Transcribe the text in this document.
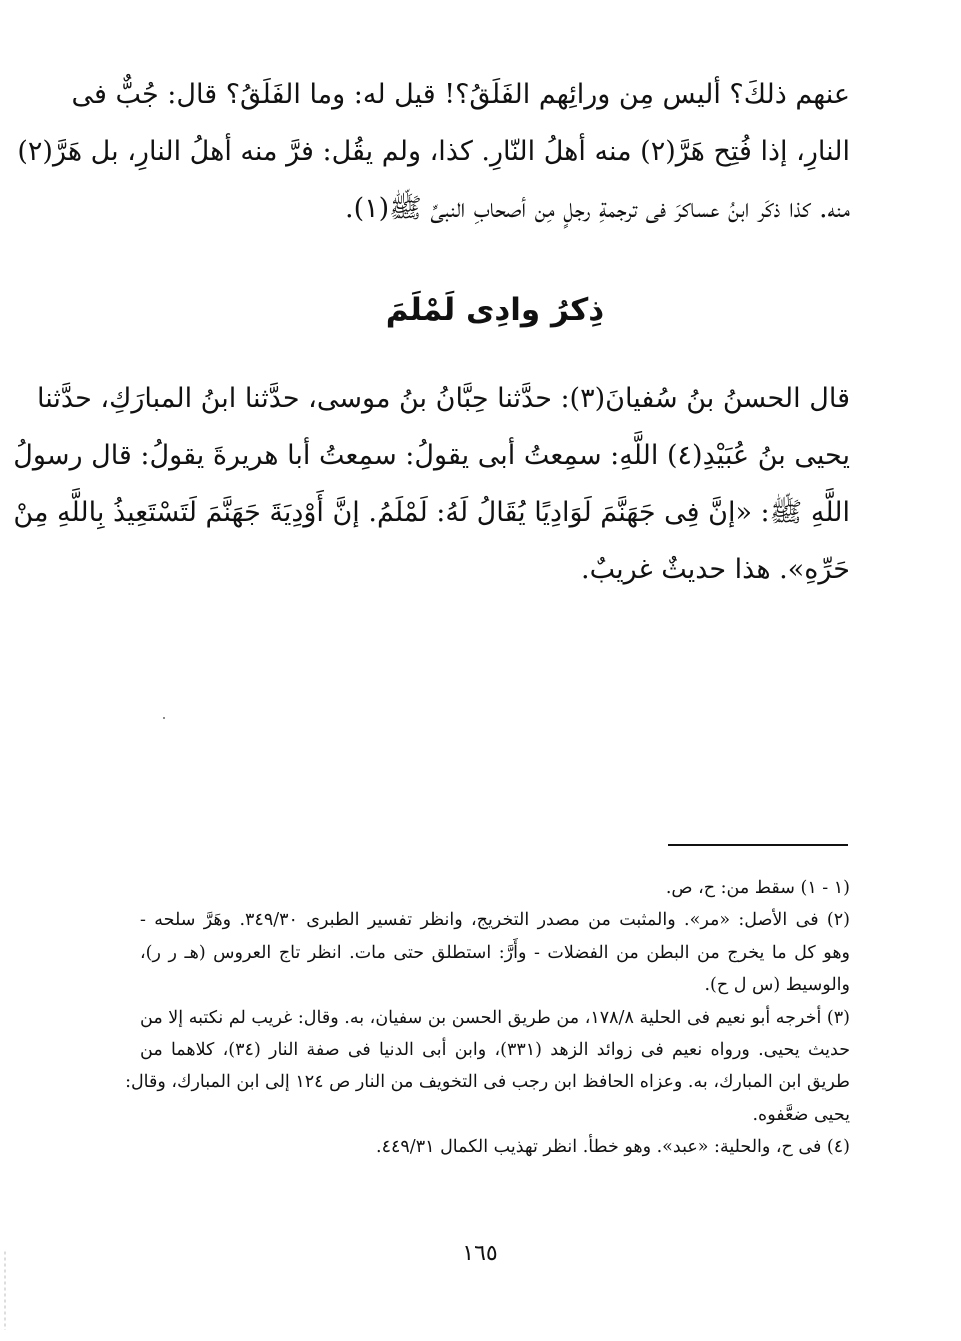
عنهم ذلكَ؟ أليس مِن ورائِهم الفَلَقُ؟! قيل له: وما الفَلَقُ؟ قال: جُبٌّ فى
النارِ، إذا فُتِح هَرَّ(٢) منه أهلُ النّارِ. كذا، ولم يقُل: فرَّ منه أهلُ النارِ، بل هَرَّ(٢)
منه. كذا ذكَر ابنُ عساكرَ فى ترجمةِ رجلٍ مِن أصحابِ النبىِّ ﷺ(١).
ذِكرُ وادِى لَمْلَمَ
قال الحسنُ بنُ سُفيانَ(٣): حدَّثنا حِبَّانُ بنُ موسى، حدَّثنا ابنُ المبارَكِ، حدَّثنا
يحيى بنُ عُبَيْدِ(٤) اللَّهِ: سمِعتُ أبى يقولُ: سمِعتُ أبا هريرةَ يقولُ: قال رسولُ
اللَّهِ ﷺ: «إنَّ فِى جَهَنَّمَ لَوَادِيًا يُقَالُ لَهُ: لَمْلَمُ. إنَّ أَوْدِيَةَ جَهَنَّمَ لَتَسْتَعِيذُ بِاللَّهِ مِنْ
حَرِّهِ». هذا حديثٌ غريبٌ.
(١ - ١) سقط من: ح، ص.
(٢) فى الأصل: «مر». والمثبت من مصدر التخريج، وانظر تفسير الطبرى ٣٤٩/٣٠. وهَرَّ سلحه -
وهو كل ما يخرج من البطن من الفضلات - وأَرَّ: استطلق حتى مات. انظر تاج العروس (هـ ر ر)،
والوسيط (س ل ح).
(٣) أخرجه أبو نعيم فى الحلية ١٧٨/٨، من طريق الحسن بن سفيان، به. وقال: غريب لم نكتبه إلا من
حديث يحيى. ورواه نعيم فى زوائد الزهد (٣٣١)، وابن أبى الدنيا فى صفة النار (٣٤)، كلاهما من
طريق ابن المبارك، به. وعزاه الحافظ ابن رجب فى التخويف من النار ص ١٢٤ إلى ابن المبارك، وقال:
يحيى ضعَّفوه.
(٤) فى ح، والحلية: «عبد». وهو خطأ. انظر تهذيب الكمال ٤٤٩/٣١.
١٦٥
